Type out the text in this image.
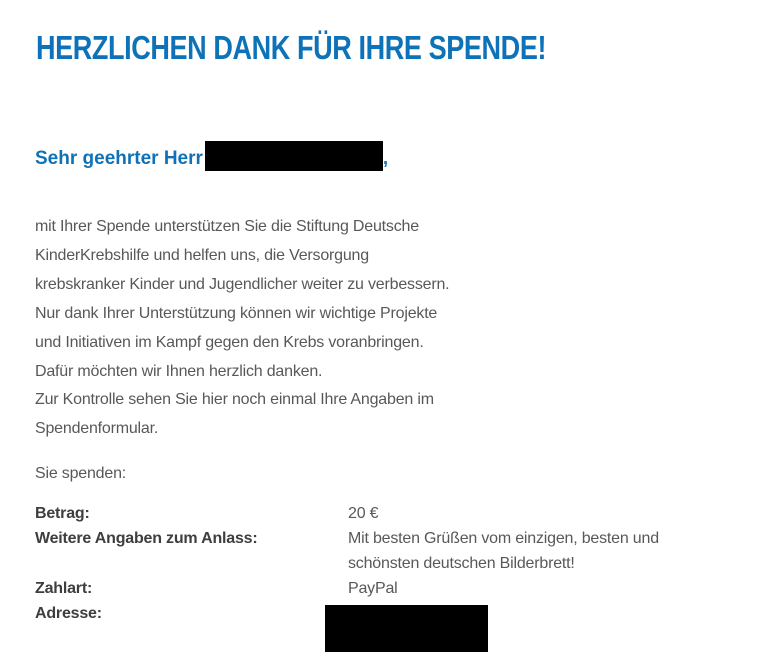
HERZLICHEN DANK FÜR IHRE SPENDE!
Sehr geehrter Herr	,
mit Ihrer Spende unterstützen Sie die Stiftung Deutsche
KinderKrebshilfe und helfen uns, die Versorgung
krebskranker Kinder und Jugendlicher weiter zu verbessern.
Nur dank Ihrer Unterstützung können wir wichtige Projekte
und Initiativen im Kampf gegen den Krebs voranbringen.
Dafür möchten wir Ihnen herzlich danken.
Zur Kontrolle sehen Sie hier noch einmal Ihre Angaben im
Spendenformular.
Sie spenden:
Betrag:	20 €
Weitere Angaben zum Anlass:	Mit besten Grüßen vom einzigen, besten und
schönsten deutschen Bilderbrett!
Zahlart:	PayPal
Adresse:
